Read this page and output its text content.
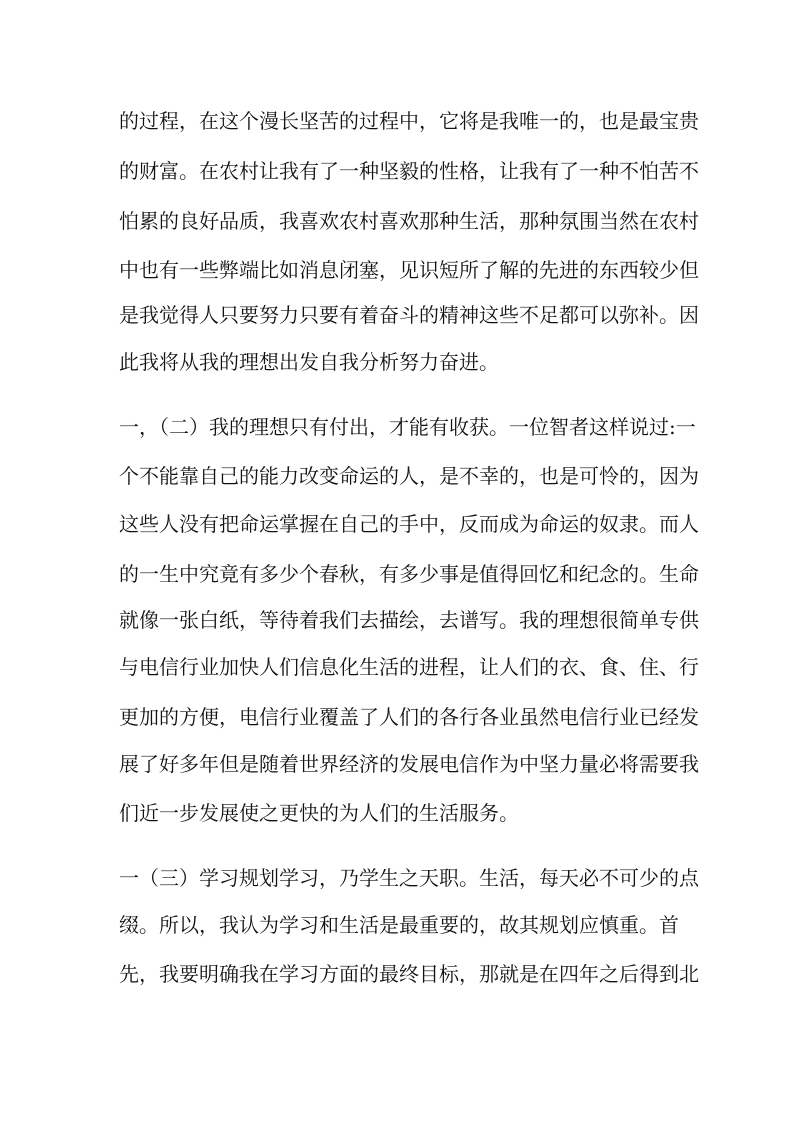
的过程，在这个漫长坚苦的过程中，它将是我唯一的，也是最宝贵
的财富。在农村让我有了一种坚毅的性格，让我有了一种不怕苦不
怕累的良好品质，我喜欢农村喜欢那种生活，那种氛围当然在农村
中也有一些弊端比如消息闭塞，见识短所了解的先进的东西较少但
是我觉得人只要努力只要有着奋斗的精神这些不足都可以弥补。因
此我将从我的理想出发自我分析努力奋进。
一，（二）我的理想只有付出，才能有收获。一位智者这样说过:一
个不能靠自己的能力改变命运的人，是不幸的，也是可怜的，因为
这些人没有把命运掌握在自己的手中，反而成为命运的奴隶。而人
的一生中究竟有多少个春秋，有多少事是值得回忆和纪念的。生命
就像一张白纸，等待着我们去描绘，去谱写。我的理想很简单专供
与电信行业加快人们信息化生活的进程，让人们的衣、食、住、行
更加的方便，电信行业覆盖了人们的各行各业虽然电信行业已经发
展了好多年但是随着世界经济的发展电信作为中坚力量必将需要我
们近一步发展使之更快的为人们的生活服务。
一（三）学习规划学习，乃学生之天职。生活，每天必不可少的点
缀。所以，我认为学习和生活是最重要的，故其规划应慎重。首
先，我要明确我在学习方面的最终目标，那就是在四年之后得到北
